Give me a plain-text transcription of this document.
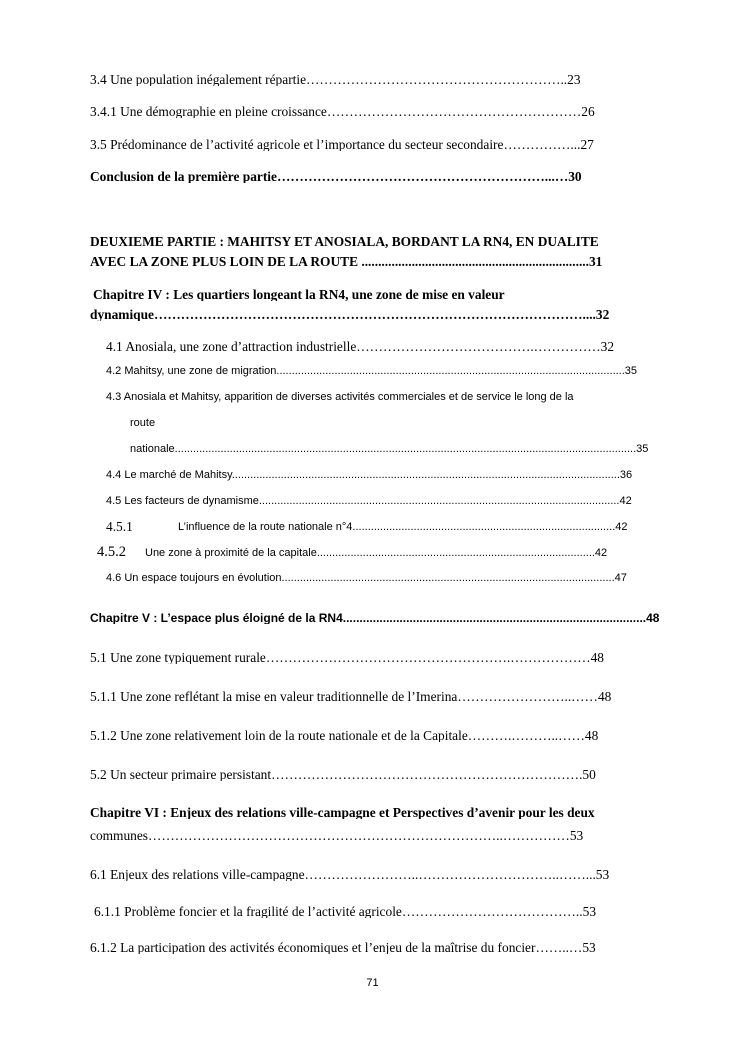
3.4 Une population inégalement répartie…………………………………………………..23
3.4.1 Une démographie en pleine croissance…………………………………………………26
3.5 Prédominance de l’activité agricole et l’importance du secteur secondaire……………...27
Conclusion de la première partie……………………………………………………...…30
DEUXIEME PARTIE : MAHITSY ET ANOSIALA, BORDANT LA RN4, EN DUALITE
AVEC LA ZONE PLUS LOIN DE LA ROUTE ....................................................................31
Chapitre IV : Les quartiers longeant la RN4, une zone de mise en valeur
dynamique……………………………………………………………………………………....32
4.1 Anosiala, une zone d’attraction industrielle………………………………….……………32
4.2 Mahitsy, une zone de migration..................................................................................................................35
4.3 Anosiala et Mahitsy, apparition de diverses activités commerciales et de service le long de la
route
nationale.......................................................................................................................................................35
4.4 Le marché de Mahitsy...............................................................................................................................36
4.5 Les facteurs de dynamisme......................................................................................................................42
4.5.1	L’influence de la route nationale n°4......................................................................................42
4.5.2	Une zone à proximité de la capitale...........................................................................................42
4.6 Un espace toujours en évolution.............................................................................................................47
Chapitre V : L’espace plus éloigné de la RN4...........................................................................................48
5.1 Une zone typiquement rurale……………………………………………….………………48
5.1.1 Une zone reflétant la mise en valeur traditionnelle de l’Imerina……………………..……48
5.1.2 Une zone relativement loin de la route nationale et de la Capitale……….………..……48
5.2 Un secteur primaire persistant…………………………………………………………….50
Chapitre VI : Enjeux des relations ville-campagne et Perspectives d’avenir pour les deux
communes……………………………………………………………………..……………53
6.1 Enjeux des relations ville-campagne……………………..…………………………..……...53
6.1.1 Problème foncier et la fragilité de l’activité agricole…………………………………..53
6.1.2 La participation des activités économiques et l’enjeu de la maîtrise du foncier……..…53
71
